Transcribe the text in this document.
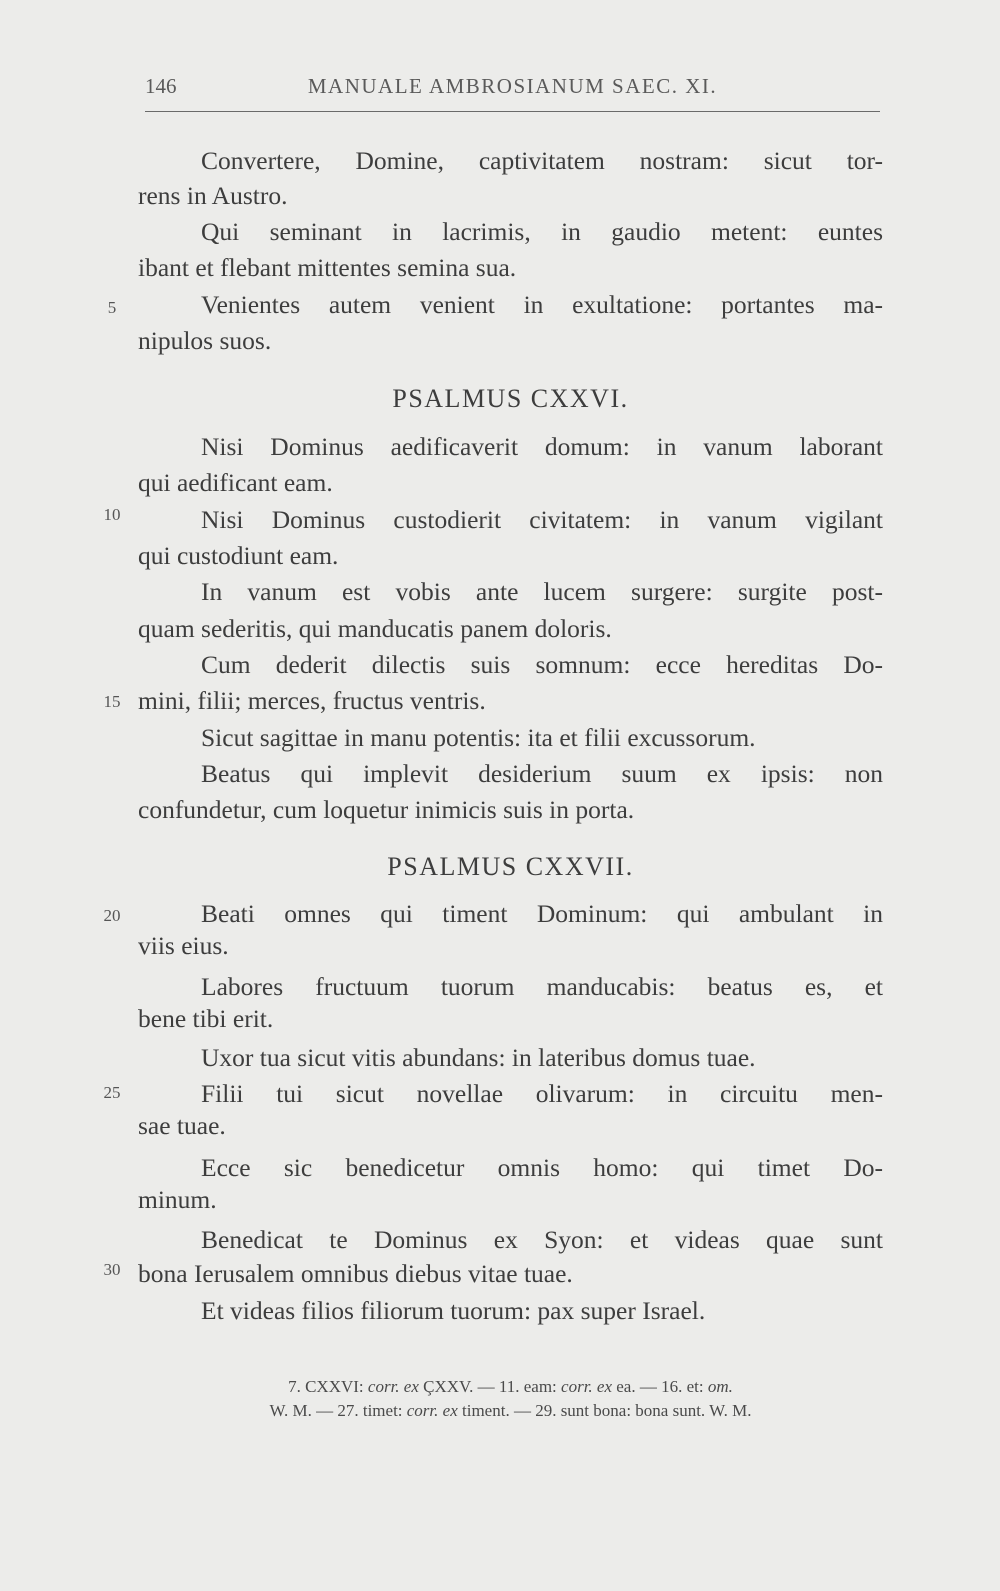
146	MANUALE AMBROSIANUM SAEC. XI.
Convertere, Domine, captivitatem nostram: sicut tor-
rens in Austro.
Qui seminant in lacrimis, in gaudio metent: euntes
ibant et flebant mittentes semina sua.
Venientes autem venient in exultatione: portantes ma-
nipulos suos.
PSALMUS CXXVI.
Nisi Dominus aedificaverit domum: in vanum laborant
qui aedificant eam.
Nisi Dominus custodierit civitatem: in vanum vigilant
qui custodiunt eam.
In vanum est vobis ante lucem surgere: surgite post-
quam sederitis, qui manducatis panem doloris.
Cum dederit dilectis suis somnum: ecce hereditas Do-
mini, filii; merces, fructus ventris.
Sicut sagittae in manu potentis: ita et filii excussorum.
Beatus qui implevit desiderium suum ex ipsis: non
confundetur, cum loquetur inimicis suis in porta.
PSALMUS CXXVII.
Beati omnes qui timent Dominum: qui ambulant in
viis eius.
Labores fructuum tuorum manducabis: beatus es, et
bene tibi erit.
Uxor tua sicut vitis abundans: in lateribus domus tuae.
Filii tui sicut novellae olivarum: in circuitu men-
sae tuae.
Ecce sic benedicetur omnis homo: qui timet Do-
minum.
Benedicat te Dominus ex Syon: et videas quae sunt
bona Ierusalem omnibus diebus vitae tuae.
Et videas filios filiorum tuorum: pax super Israel.
5
10
15
20
25
30
7. CXXVI: corr. ex ÇXXV. — 11. eam: corr. ex ea. — 16. et: om.
W. M. — 27. timet: corr. ex timent. — 29. sunt bona: bona sunt. W. M.
